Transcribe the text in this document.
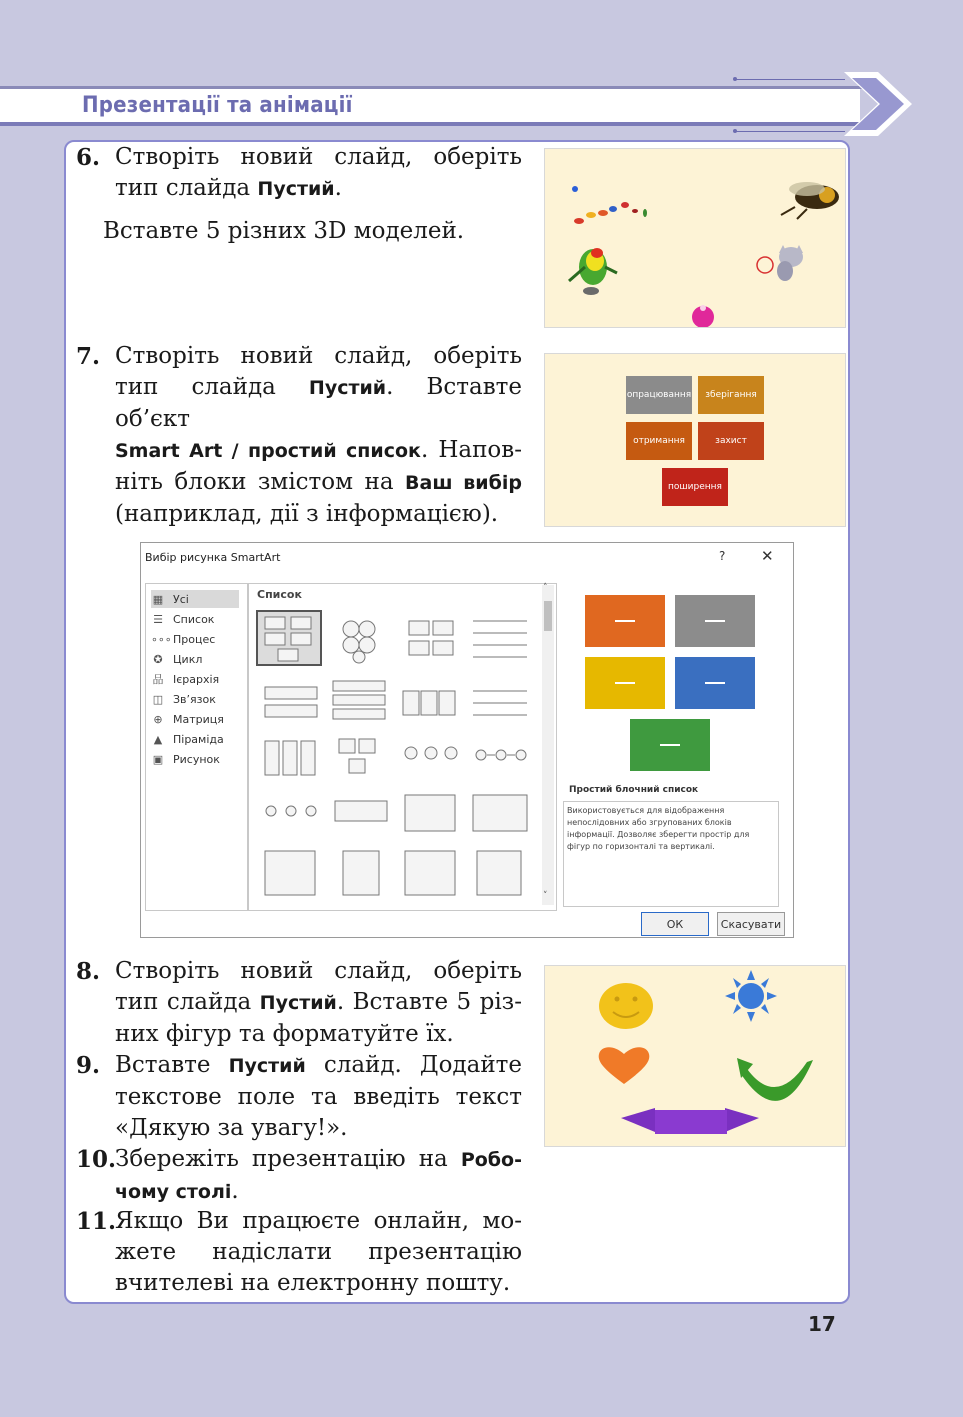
Презентації та анімації
6. Створіть новий слайд, оберіть
тип слайда Пустий.
Вставте 5 різних 3D моделей.
7. Створіть новий слайд, оберіть
тип слайда Пустий. Вставте об’єкт
Smart Art / простий список. Напов-
ніть блоки змістом на Ваш вибір
(наприклад, дії з інформацією).
опрацювання	зберігання
отримання	захист
поширення
Вибір рисунка SmartArt	? ✕
Список	˄
˅
Простий блочний список
Використовується для відображення непослідовних або згрупованих блоків інформації. Дозволяє зберегти простір для фігур по горизонталі та вертикалі.
ОК	Скасувати
▦ Усі
☰ Список
∘∘∘ Процес
✪ Цикл
品 Ієрархія
◫ Зв’язок
⊕ Матриця
▲ Піраміда
▣ Рисунок
8. Створіть новий слайд, оберіть
тип слайда Пустий. Вставте 5 різ-
них фігур та форматуйте їх.
9. Вставте Пустий слайд. Додайте
текстове поле та введіть текст
«Дякую за увагу!».
10.
Збережіть презентацію на Робо-
чому столі.
11.
Якщо Ви працюєте онлайн, мо-
жете надіслати презентацію
вчителеві на електронну пошту.
17
